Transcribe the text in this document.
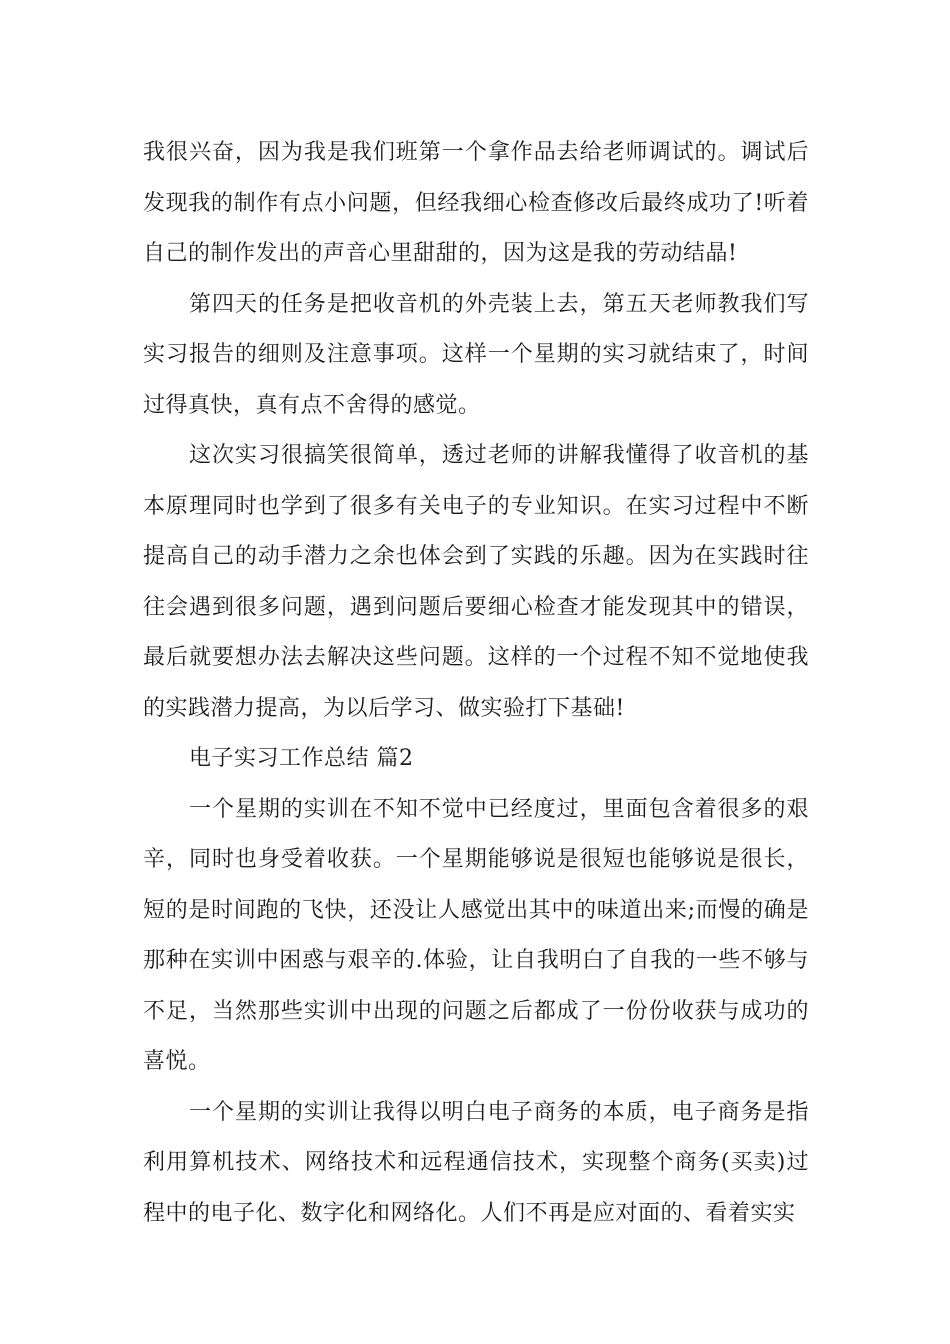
我很兴奋，因为我是我们班第一个拿作品去给老师调试的。调试后发现我的制作有点小问题，但经我细心检查修改后最终成功了!听着自己的制作发出的声音心里甜甜的，因为这是我的劳动结晶!

第四天的任务是把收音机的外壳装上去，第五天老师教我们写实习报告的细则及注意事项。这样一个星期的实习就结束了，时间过得真快，真有点不舍得的感觉。

这次实习很搞笑很简单，透过老师的讲解我懂得了收音机的基本原理同时也学到了很多有关电子的专业知识。在实习过程中不断提高自己的动手潜力之余也体会到了实践的乐趣。因为在实践时往往会遇到很多问题，遇到问题后要细心检查才能发现其中的错误，最后就要想办法去解决这些问题。这样的一个过程不知不觉地使我的实践潜力提高，为以后学习、做实验打下基础!

电子实习工作总结 篇2

一个星期的实训在不知不觉中已经度过，里面包含着很多的艰辛，同时也身受着收获。一个星期能够说是很短也能够说是很长，短的是时间跑的飞快，还没让人感觉出其中的味道出来;而慢的确是那种在实训中困惑与艰辛的.体验，让自我明白了自我的一些不够与不足，当然那些实训中出现的问题之后都成了一份份收获与成功的喜悦。

一个星期的实训让我得以明白电子商务的本质，电子商务是指利用算机技术、网络技术和远程通信技术，实现整个商务(买卖)过程中的电子化、数字化和网络化。人们不再是应对面的、看着实实
